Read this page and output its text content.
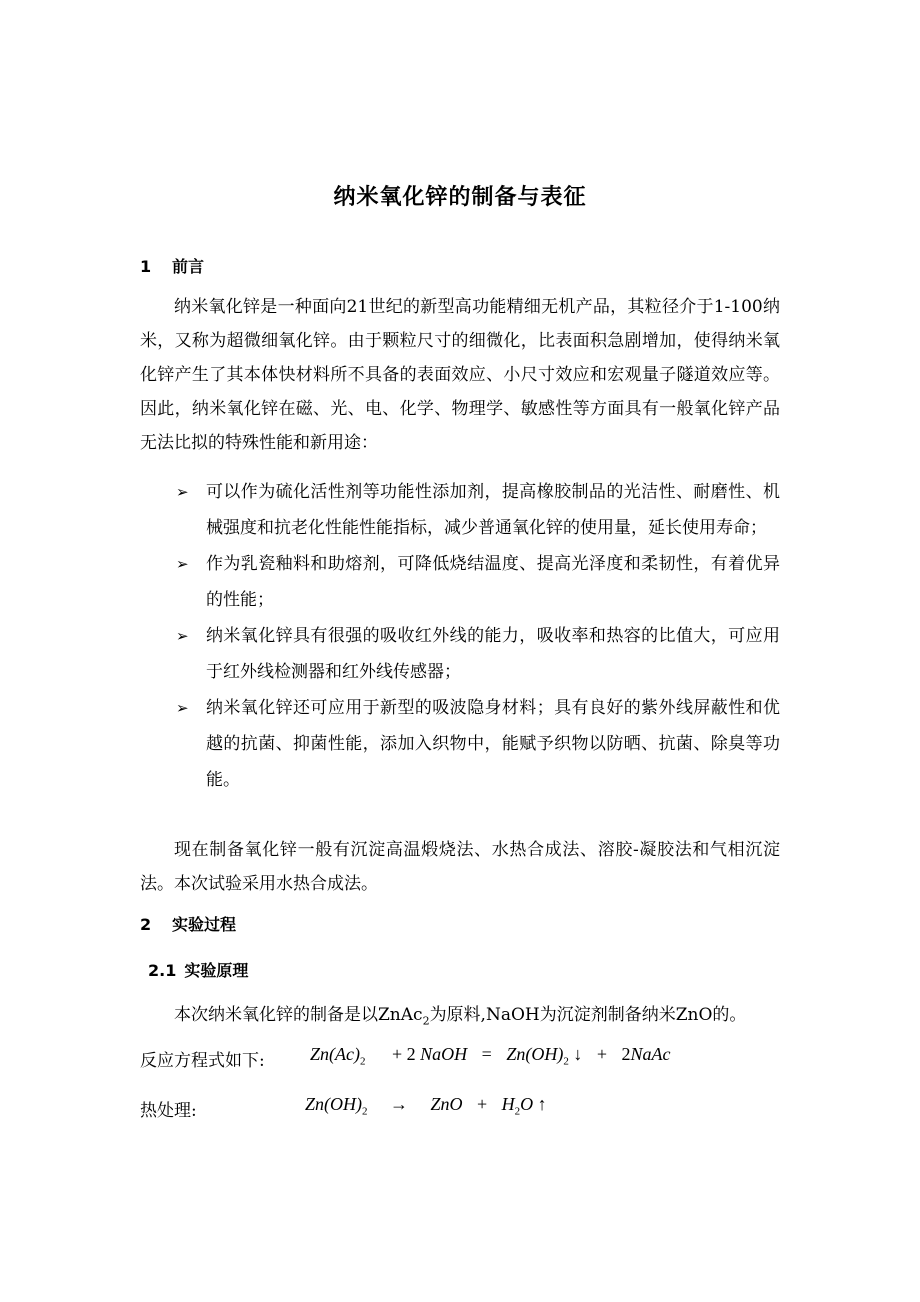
纳米氧化锌的制备与表征
1 前言

纳米氧化锌是一种面向21世纪的新型高功能精细无机产品，其粒径介于1-100纳米，又称为超微细氧化锌。由于颗粒尺寸的细微化，比表面积急剧增加，使得纳米氧化锌产生了其本体快材料所不具备的表面效应、小尺寸效应和宏观量子隧道效应等。因此，纳米氧化锌在磁、光、电、化学、物理学、敏感性等方面具有一般氧化锌产品无法比拟的特殊性能和新用途：

➢ 可以作为硫化活性剂等功能性添加剂，提高橡胶制品的光洁性、耐磨性、机械强度和抗老化性能性能指标，减少普通氧化锌的使用量，延长使用寿命；
➢ 作为乳瓷釉料和助熔剂，可降低烧结温度、提高光泽度和柔韧性，有着优异的性能；
➢ 纳米氧化锌具有很强的吸收红外线的能力，吸收率和热容的比值大，可应用于红外线检测器和红外线传感器；
➢ 纳米氧化锌还可应用于新型的吸波隐身材料；具有良好的紫外线屏蔽性和优越的抗菌、抑菌性能，添加入织物中，能赋予织物以防晒、抗菌、除臭等功能。

现在制备氧化锌一般有沉淀高温煅烧法、水热合成法、溶胶-凝胶法和气相沉淀法。本次试验采用水热合成法。

2 实验过程
2.1 实验原理
本次纳米氧化锌的制备是以ZnAc$_2$为原料,NaOH为沉淀剂制备纳米ZnO的。
反应方程式如下:	$Zn(Ac)_2 + 2$ NaOH = $Zn(OH)_2$ ↓ + 2NaAc
热处理:	$Zn(OH)_2$ → ZnO + $H_2O$ ↑
